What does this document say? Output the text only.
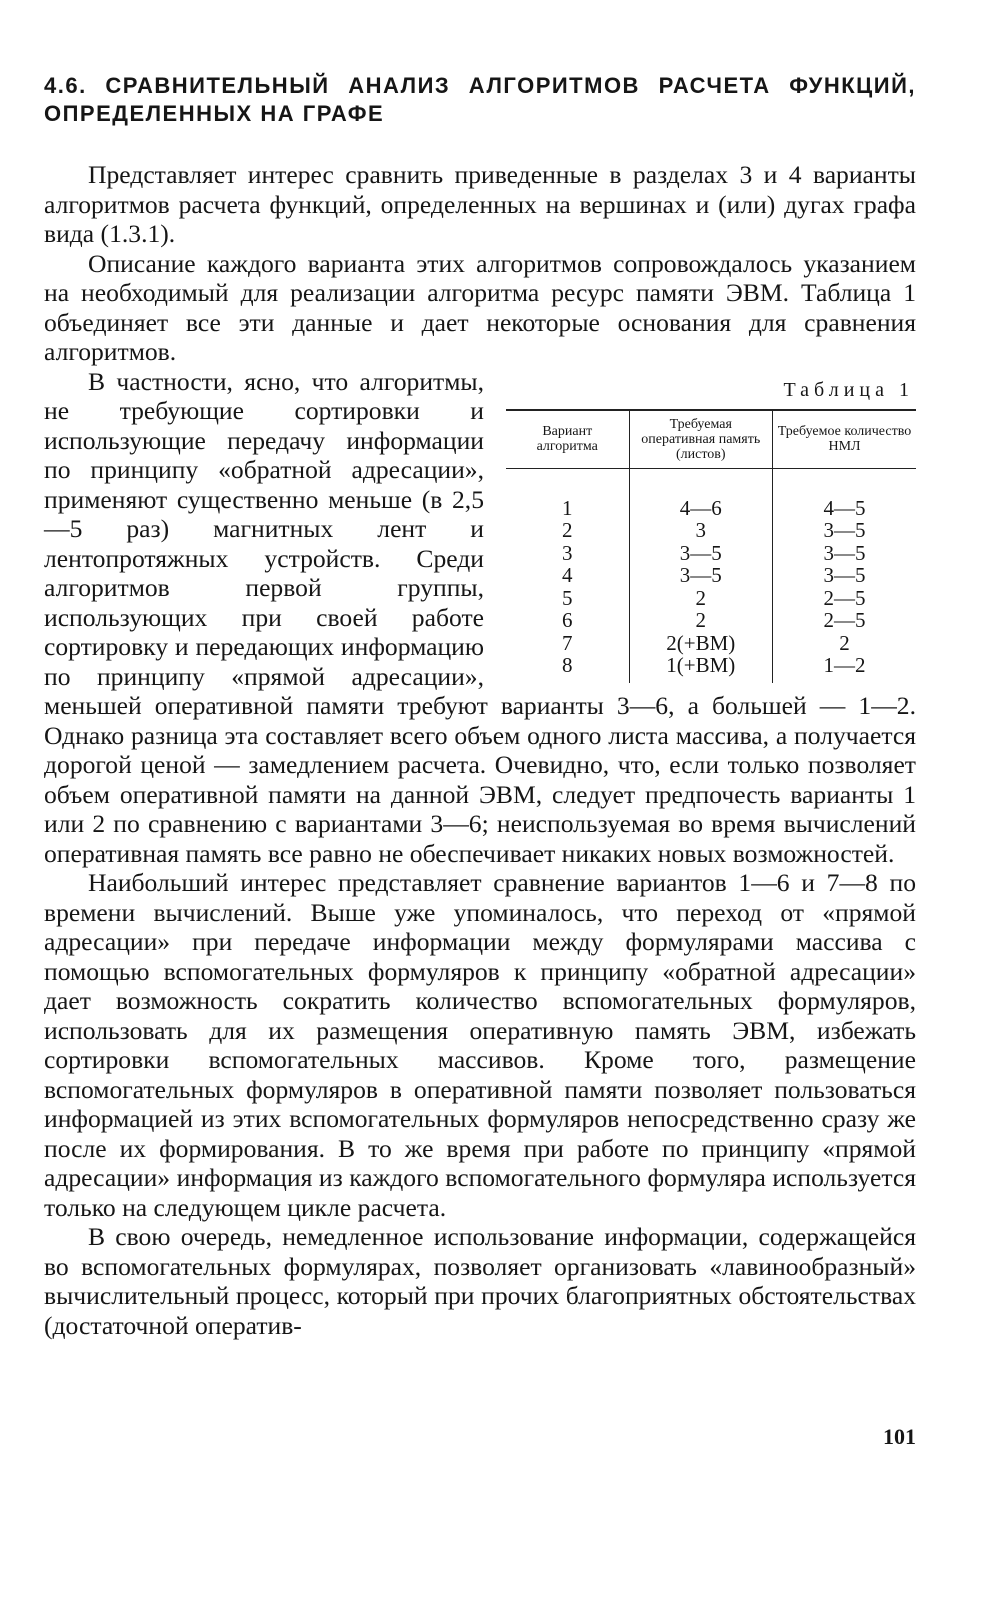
4.6. СРАВНИТЕЛЬНЫЙ АНАЛИЗ АЛГОРИТМОВ РАСЧЕТА ФУНКЦИЙ,
ОПРЕДЕЛЕННЫХ НА ГРАФЕ

Представляет интерес сравнить приведенные в разделах 3 и 4 варианты алгоритмов расчета функций, определенных на вершинах и (или) дугах графа вида (1.3.1).

Описание каждого варианта этих алгоритмов сопровождалось указанием на необходимый для реализации алгоритма ресурс памяти ЭВМ. Таблица 1 объединяет все эти данные и дает некоторые основания для сравнения алгоритмов.

Таблица 1
Вариант алгоритма	Требуемая оперативная память (листов)	Требуемое количество НМЛ
1	4—6	4—5
2	3	3—5
3	3—5	3—5
4	3—5	3—5
5	2	2—5
6	2	2—5
7	2(+ВМ)	2
8	1(+ВМ)	1—2

В частности, ясно, что алгоритмы, не требующие сортировки и использующие передачу информации по принципу «обратной адресации», применяют существенно меньше (в 2,5—5 раз) магнитных лент и лентопротяжных устройств. Среди алгоритмов первой группы, использующих при своей работе сортировку и передающих информацию по принципу «прямой адресации», меньшей оперативной памяти требуют варианты 3—6, а большей — 1—2. Однако разница эта составляет всего объем одного листа массива, а получается дорогой ценой — замедлением расчета. Очевидно, что, если только позволяет объем оперативной памяти на данной ЭВМ, следует предпочесть варианты 1 или 2 по сравнению с вариантами 3—6; неиспользуемая во время вычислений оперативная память все равно не обеспечивает никаких новых возможностей.

Наибольший интерес представляет сравнение вариантов 1—6 и 7—8 по времени вычислений. Выше уже упоминалось, что переход от «прямой адресации» при передаче информации между формулярами массива с помощью вспомогательных формуляров к принципу «обратной адресации» дает возможность сократить количество вспомогательных формуляров, использовать для их размещения оперативную память ЭВМ, избежать сортировки вспомогательных массивов. Кроме того, размещение вспомогательных формуляров в оперативной памяти позволяет пользоваться информацией из этих вспомогательных формуляров непосредственно сразу же после их формирования. В то же время при работе по принципу «прямой адресации» информация из каждого вспомогательного формуляра используется только на следующем цикле расчета.

В свою очередь, немедленное использование информации, содержащейся во вспомогательных формулярах, позволяет организовать «лавинообразный» вычислительный процесс, который при прочих благоприятных обстоятельствах (достаточной оператив-

101
